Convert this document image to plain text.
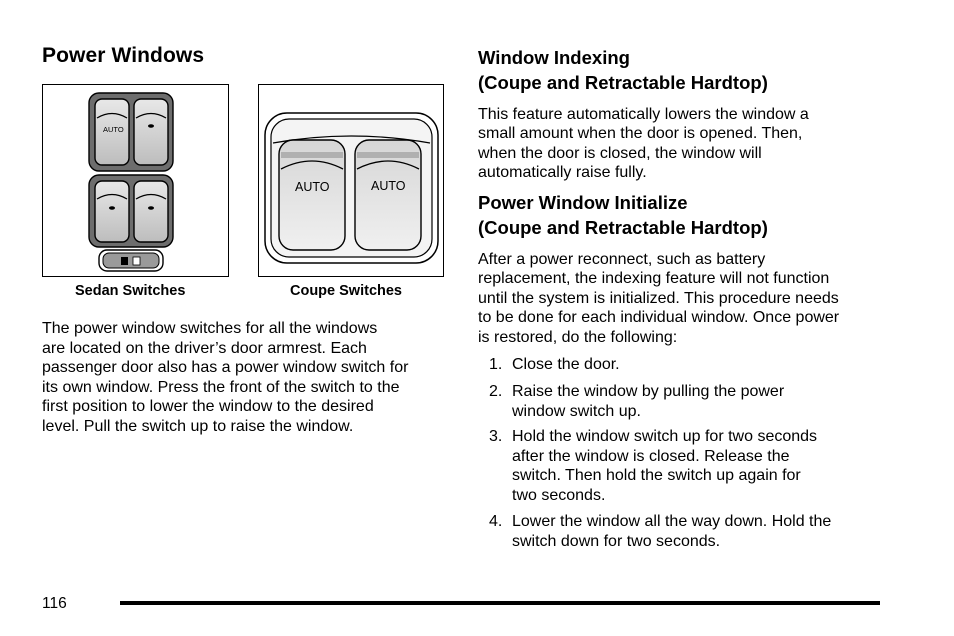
Power Windows
AUTO
Sedan Switches
AUTO	AUTO
Coupe Switches
The power window switches for all the windows
are located on the driver’s door armrest. Each
passenger door also has a power window switch for
its own window. Press the front of the switch to the
first position to lower the window to the desired
level. Pull the switch up to raise the window.
Window Indexing
(Coupe and Retractable Hardtop)
This feature automatically lowers the window a
small amount when the door is opened. Then,
when the door is closed, the window will
automatically raise fully.
Power Window Initialize
(Coupe and Retractable Hardtop)
After a power reconnect, such as battery
replacement, the indexing feature will not function
until the system is initialized. This procedure needs
to be done for each individual window. Once power
is restored, do the following:
1. Close the door.
2. Raise the window by pulling the power
window switch up.
3. Hold the window switch up for two seconds
after the window is closed. Release the
switch. Then hold the switch up again for
two seconds.
4. Lower the window all the way down. Hold the
switch down for two seconds.
116
